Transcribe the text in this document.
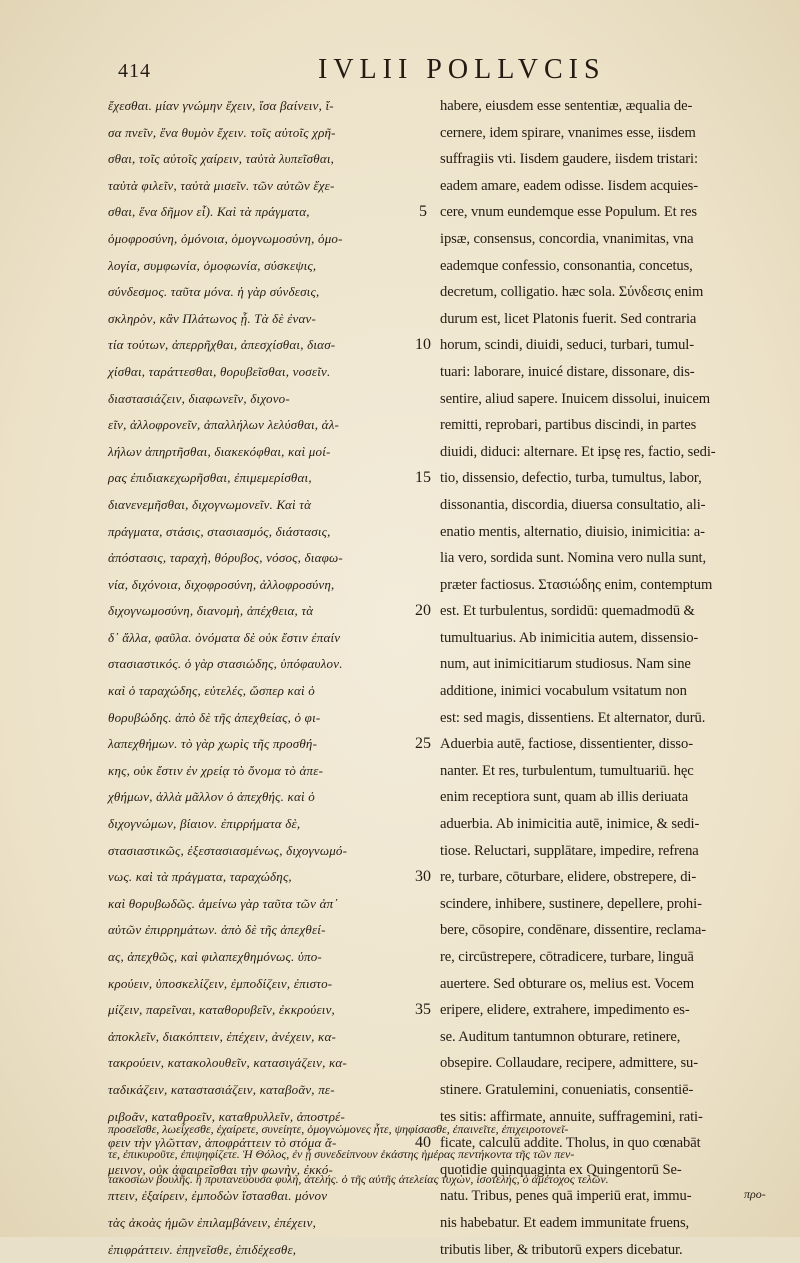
414	IVLII POLLVCIS
ἔχεσθαι. μίαν γνώμην ἔχειν, ἴσα βαίνειν, ἴ-
σα πνεῖν, ἕνα θυμὸν ἔχειν. τοῖς αὐτοῖς χρῆ-
σθαι, τοῖς αὐτοῖς χαίρειν, ταὐτὰ λυπεῖσθαι,
ταὐτὰ φιλεῖν, ταὐτὰ μισεῖν. τῶν αὐτῶν ἔχε-
σθαι, ἕνα δῆμον εἶ). Καὶ τὰ πράγματα,
ὁμοφροσύνη, ὁμόνοια, ὁμογνωμοσύνη, ὁμο-
λογία, συμφωνία, ὁμοφωνία, σύσκεψις,
σύνδεσμος. ταῦτα μόνα. ἡ γὰρ σύνδεσις,
σκληρὸν, κἂν Πλάτωνος ᾖ. Τὰ δὲ ἐναν-
τία τούτων, ἀπερρῆχθαι, ἀπεσχίσθαι, διασ-
χίσθαι, ταράττεσθαι, θορυβεῖσθαι, νοσεῖν.
διαστασιάζειν, διαφωνεῖν, διχονο-
εῖν, ἀλλοφρονεῖν, ἀπαλλήλων λελύσθαι, ἀλ-
λήλων ἀπηρτῆσθαι, διακεκόφθαι, καὶ μοί-
ρας ἐπιδιακεχωρῆσθαι, ἐπιμεμερίσθαι,
διανενεμῆσθαι, διχογνωμονεῖν. Καὶ τὰ
πράγματα, στάσις, στασιασμός, διάστασις,
ἀπόστασις, ταραχὴ, θόρυβος, νόσος, διαφω-
νία, διχόνοια, διχοφροσύνη, ἀλλοφροσύνη,
διχογνωμοσύνη, διανομὴ, ἀπέχθεια, τὰ
δ᾽ ἄλλα, φαῦλα. ὀνόματα δὲ οὐκ ἔστιν ἐπαίν
στασιαστικός. ὁ γὰρ στασιώδης, ὑπόφαυλον.
καὶ ὁ ταραχώδης, εὐτελές, ὥσπερ καὶ ὁ
θορυβώδης. ἀπὸ δὲ τῆς ἀπεχθείας, ὁ φι-
λαπεχθήμων. τὸ γὰρ χωρὶς τῆς προσθή-
κης, οὐκ ἔστιν ἐν χρείᾳ τὸ ὄνομα τὸ ἀπε-
χθήμων, ἀλλὰ μᾶλλον ὁ ἀπεχθής. καὶ ὁ
διχογνώμων, βίαιον. ἐπιρρήματα δὲ,
στασιαστικῶς, ἐξεστασιασμένως, διχογνωμό-
νως. καὶ τὰ πράγματα, ταραχώδης,
καὶ θορυβωδῶς. ἀμείνω γὰρ ταῦτα τῶν ἀπ᾽
αὐτῶν ἐπιρρημάτων. ἀπὸ δὲ τῆς ἀπεχθεί-
ας, ἀπεχθῶς, καὶ φιλαπεχθημόνως. ὑπο-
κρούειν, ὑποσκελίζειν, ἐμποδίζειν, ἐπιστο-
μίζειν, παρεῖναι, καταθορυβεῖν, ἐκκρούειν,
ἀποκλεῖν, διακόπτειν, ἐπέχειν, ἀνέχειν, κα-
τακρούειν, κατακολουθεῖν, κατασιγάζειν, κα-
ταδικάζειν, καταστασιάζειν, καταβοᾶν, πε-
ριβοᾶν, καταθροεῖν, καταθρυλλεῖν, ἀποστρέ-
φειν τὴν γλῶτταν, ἀποφράττειν τὸ στόμα ἄ-
μεινον, οὐκ ἀφαιρεῖσθαι τὴν φωνὴν, ἐκκό-
πτειν, ἐξαίρειν, ἐμποδὼν ἵστασθαι. μόνον
τὰς ἀκοὰς ἡμῶν ἐπιλαμβάνειν, ἐπέχειν,
ἐπιφράττειν. ἐπῃνεῖσθε, ἐπιδέχεσθε,
5
10
15
20
25
30
35
40
habere, eiusdem esse sententiæ, æqualia de-
cernere, idem spirare, vnanimes esse, iisdem
suffragiis vti. Iisdem gaudere, iisdem tristari:
eadem amare, eadem odisse. Iisdem acquies-
cere, vnum eundemque esse Populum. Et res
ipsæ, consensus, concordia, vnanimitas, vna
eademque confessio, consonantia, concetus,
decretum, colligatio. hæc sola. Σύνδεσις enim
durum est, licet Platonis fuerit. Sed contraria
horum, scindi, diuidi, seduci, turbari, tumul-
tuari: laborare, inuicé distare, dissonare, dis-
sentire, aliud sapere. Inuicem dissolui, inuicem
remitti, reprobari, partibus discindi, in partes
diuidi, diduci: alternare. Et ipsę res, factio, sedi-
tio, dissensio, defectio, turba, tumultus, labor,
dissonantia, discordia, diuersa consultatio, ali-
enatio mentis, alternatio, diuisio, inimicitia: a-
lia vero, sordida sunt. Nomina vero nulla sunt,
præter factiosus. Στασιώδης enim, contemptum
est. Et turbulentus, sordidū: quemadmodū &
tumultuarius. Ab inimicitia autem, dissensio-
num, aut inimicitiarum studiosus. Nam sine
additione, inimici vocabulum vsitatum non
est: sed magis, dissentiens. Et alternator, durū.
Aduerbia autē, factiose, dissentienter, disso-
nanter. Et res, turbulentum, tumultuariū. hęc
enim receptiora sunt, quam ab illis deriuata
aduerbia. Ab inimicitia autē, inimice, & sedi-
tiose. Reluctari, supplātare, impedire, refrena
re, turbare, cōturbare, elidere, obstrepere, di-
scindere, inhibere, sustinere, depellere, prohi-
bere, cōsopire, condēnare, dissentire, reclama-
re, circūstrepere, cōtradicere, turbare, linguā
auertere. Sed obturare os, melius est. Vocem
eripere, elidere, extrahere, impedimento es-
se. Auditum tantumnon obturare, retinere,
obsepire. Collaudare, recipere, admittere, su-
stinere. Gratulemini, conueniatis, consentiē-
tes sitis: affirmate, annuite, suffragemini, rati-
ficate, calculū addite. Tholus, in quo cœnabāt
quotidie quinquaginta ex Quingentorū Se-
natu. Tribus, penes quā imperiū erat, immu-
nis habebatur. Et eadem immunitate fruens,
tributis liber, & tributorū expers dicebatur.
προσεῖσθε, λωεἶχεσθε, ἐχαίρετε, συνείητε, ὁμογνώμονες ἦτε, ψηφίσασθε, ἐπαινεῖτε, ἐπιχειροτονεῖ-
τε, ἐπικυροῦτε, ἐπιψηφίζετε. Ἡ Θόλος, ἐν ᾗ συνεδείπνουν ἑκάστης ἡμέρας πεντήκοντα τῆς τῶν πεν-
τακοσίων βουλῆς. ἡ πρυτανεύουσα φυλὴ, ἀτελής. ὁ τῆς αὐτῆς ἀτελείας τυχὼν, ἰσοτελής, ὁ ἀμέτοχος τελῶν.
προ-
